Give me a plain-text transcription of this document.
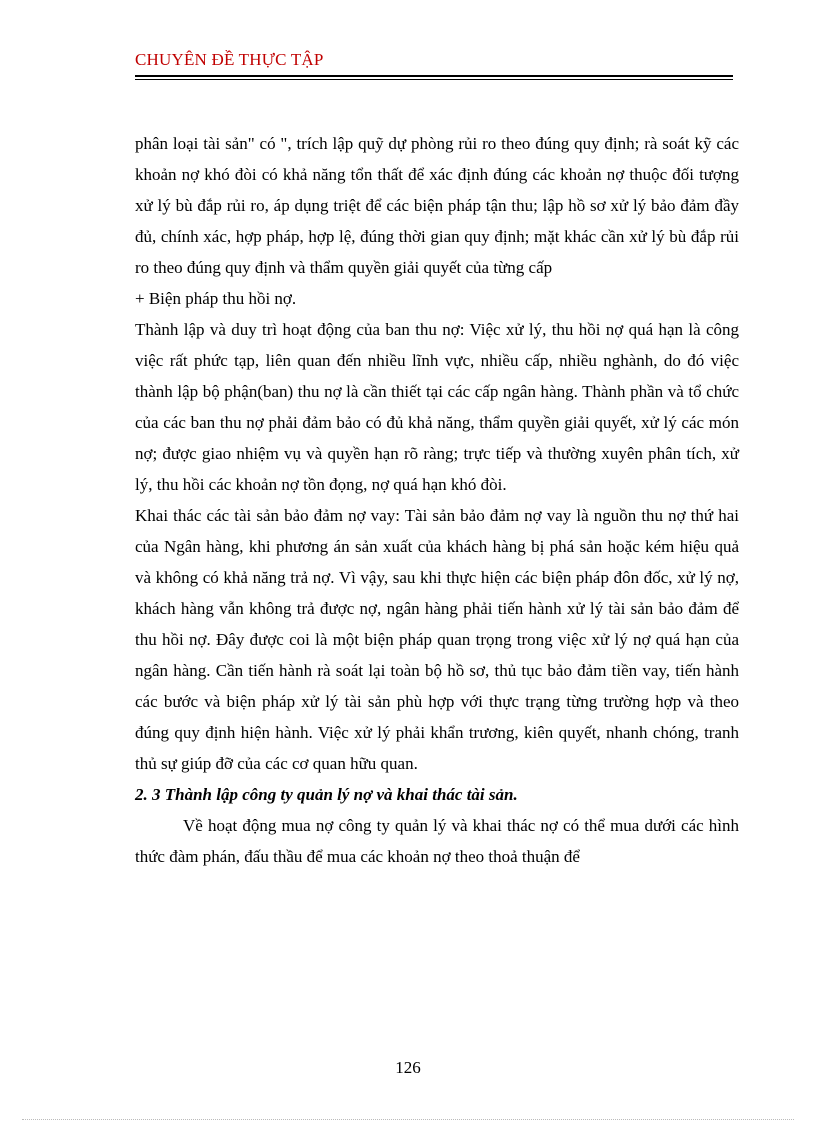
CHUYÊN ĐỀ THỰC TẬP

phân loại tài sản" có ", trích lập quỹ dự phòng rủi ro theo đúng quy định; rà soát kỹ các khoản nợ khó đòi có khả năng tổn thất để xác định đúng các khoản nợ thuộc đối tượng xử lý bù đắp rủi ro, áp dụng triệt để các biện pháp tận thu; lập hồ sơ xử lý bảo đảm đầy đủ, chính xác, hợp pháp, hợp lệ, đúng thời gian quy định; mặt khác cần xử lý bù đắp rủi ro theo đúng quy định và thẩm quyền giải quyết của từng cấp

+ Biện pháp thu hồi nợ.

Thành lập và duy trì hoạt động của ban thu nợ: Việc xử lý, thu hồi nợ quá hạn là công việc rất phức tạp, liên quan đến nhiều lĩnh vực, nhiều cấp, nhiều nghành, do đó việc thành lập bộ phận(ban) thu nợ là cần thiết tại các cấp ngân hàng. Thành phần và tổ chức của các ban thu nợ phải đảm bảo có đủ khả năng, thẩm quyền giải quyết, xử lý các món nợ; được giao nhiệm vụ và quyền hạn rõ ràng; trực tiếp và thường xuyên phân tích, xử lý, thu hồi các khoản nợ tồn đọng, nợ quá hạn khó đòi.

Khai thác các tài sản bảo đảm nợ vay: Tài sản bảo đảm nợ vay là nguồn thu nợ thứ hai của Ngân hàng, khi phương án sản xuất của khách hàng bị phá sản hoặc kém hiệu quả và không có khả năng trả nợ. Vì vậy, sau khi thực hiện các biện pháp đôn đốc, xử lý nợ, khách hàng vẫn không trả được nợ, ngân hàng phải tiến hành xử lý tài sản bảo đảm để thu hồi nợ. Đây được coi là một biện pháp quan trọng trong việc xử lý nợ quá hạn của ngân hàng. Cần tiến hành rà soát lại toàn bộ hồ sơ, thủ tục bảo đảm tiền vay, tiến hành các bước và biện pháp xử lý tài sản phù hợp với thực trạng từng trường hợp và theo đúng quy định hiện hành. Việc xử lý phải khẩn trương, kiên quyết, nhanh chóng, tranh thủ sự giúp đỡ của các cơ quan hữu quan.

2. 3 Thành lập công ty quản lý nợ và khai thác tài sản.

Về hoạt động mua nợ công ty quản lý và khai thác nợ có thể mua dưới các hình thức đàm phán, đấu thầu để mua các khoản nợ theo thoả thuận để

126
